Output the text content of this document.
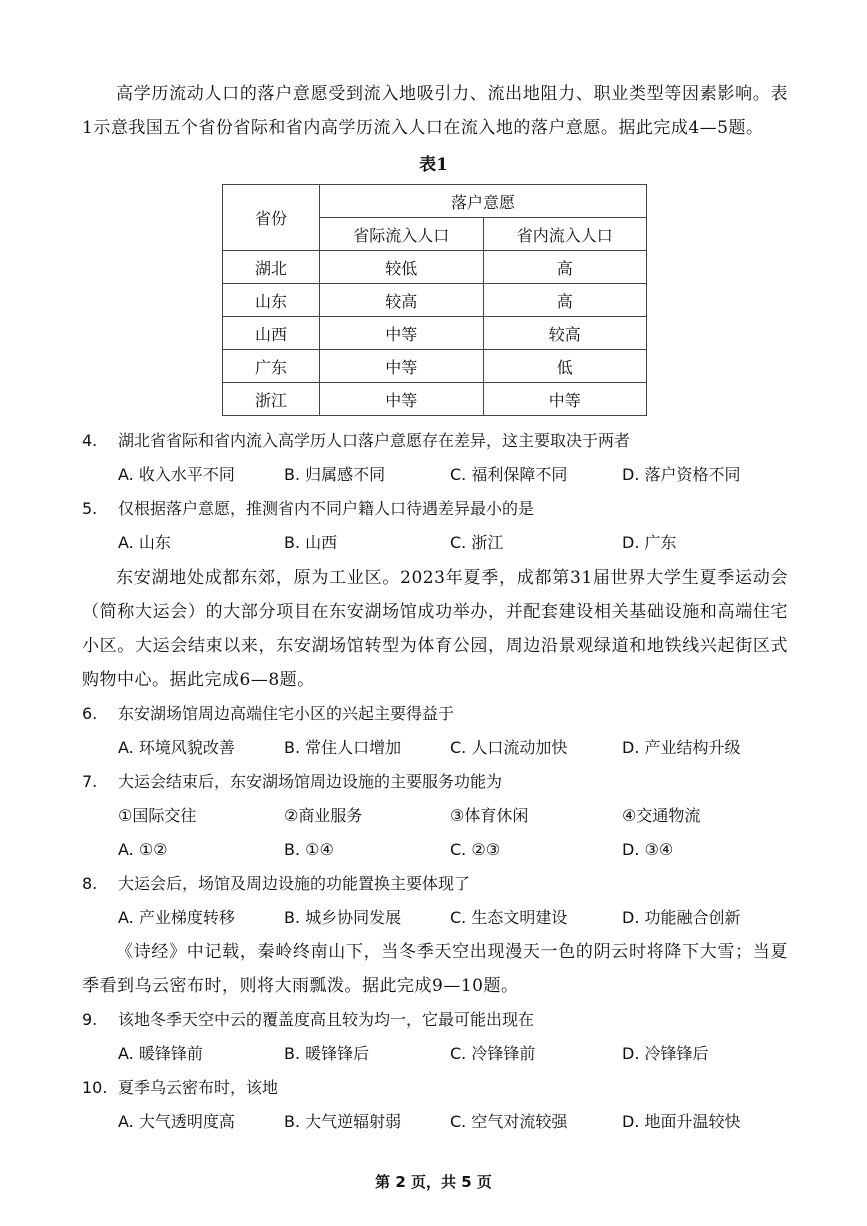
高学历流动人口的落户意愿受到流入地吸引力、流出地阻力、职业类型等因素影响。表1示意我国五个省份省际和省内高学历流入人口在流入地的落户意愿。据此完成4—5题。
表1
省份	落户意愿	
	省际流入人口	省内流入人口
湖北	较低	高
山东	较高	高
山西	中等	较高
广东	中等	低
浙江	中等	中等
4. 湖北省省际和省内流入高学历人口落户意愿存在差异，这主要取决于两者
A. 收入水平不同	B. 归属感不同	C. 福利保障不同	D. 落户资格不同
5. 仅根据落户意愿，推测省内不同户籍人口待遇差异最小的是
A. 山东	B. 山西	C. 浙江	D. 广东
东安湖地处成都东郊，原为工业区。2023年夏季，成都第31届世界大学生夏季运动会（简称大运会）的大部分项目在东安湖场馆成功举办，并配套建设相关基础设施和高端住宅小区。大运会结束以来，东安湖场馆转型为体育公园，周边沿景观绿道和地铁线兴起街区式购物中心。据此完成6—8题。
6. 东安湖场馆周边高端住宅小区的兴起主要得益于
A. 环境风貌改善	B. 常住人口增加	C. 人口流动加快	D. 产业结构升级
7. 大运会结束后，东安湖场馆周边设施的主要服务功能为
①国际交往	②商业服务	③体育休闲	④交通物流
A. ①②	B. ①④	C. ②③	D. ③④
8. 大运会后，场馆及周边设施的功能置换主要体现了
A. 产业梯度转移	B. 城乡协同发展	C. 生态文明建设	D. 功能融合创新
《诗经》中记载，秦岭终南山下，当冬季天空出现漫天一色的阴云时将降下大雪；当夏季看到乌云密布时，则将大雨瓢泼。据此完成9—10题。
9. 该地冬季天空中云的覆盖度高且较为均一，它最可能出现在
A. 暖锋锋前	B. 暖锋锋后	C. 冷锋锋前	D. 冷锋锋后
10. 夏季乌云密布时，该地
A. 大气透明度高	B. 大气逆辐射弱	C. 空气对流较强	D. 地面升温较快
第 2 页，共 5 页
